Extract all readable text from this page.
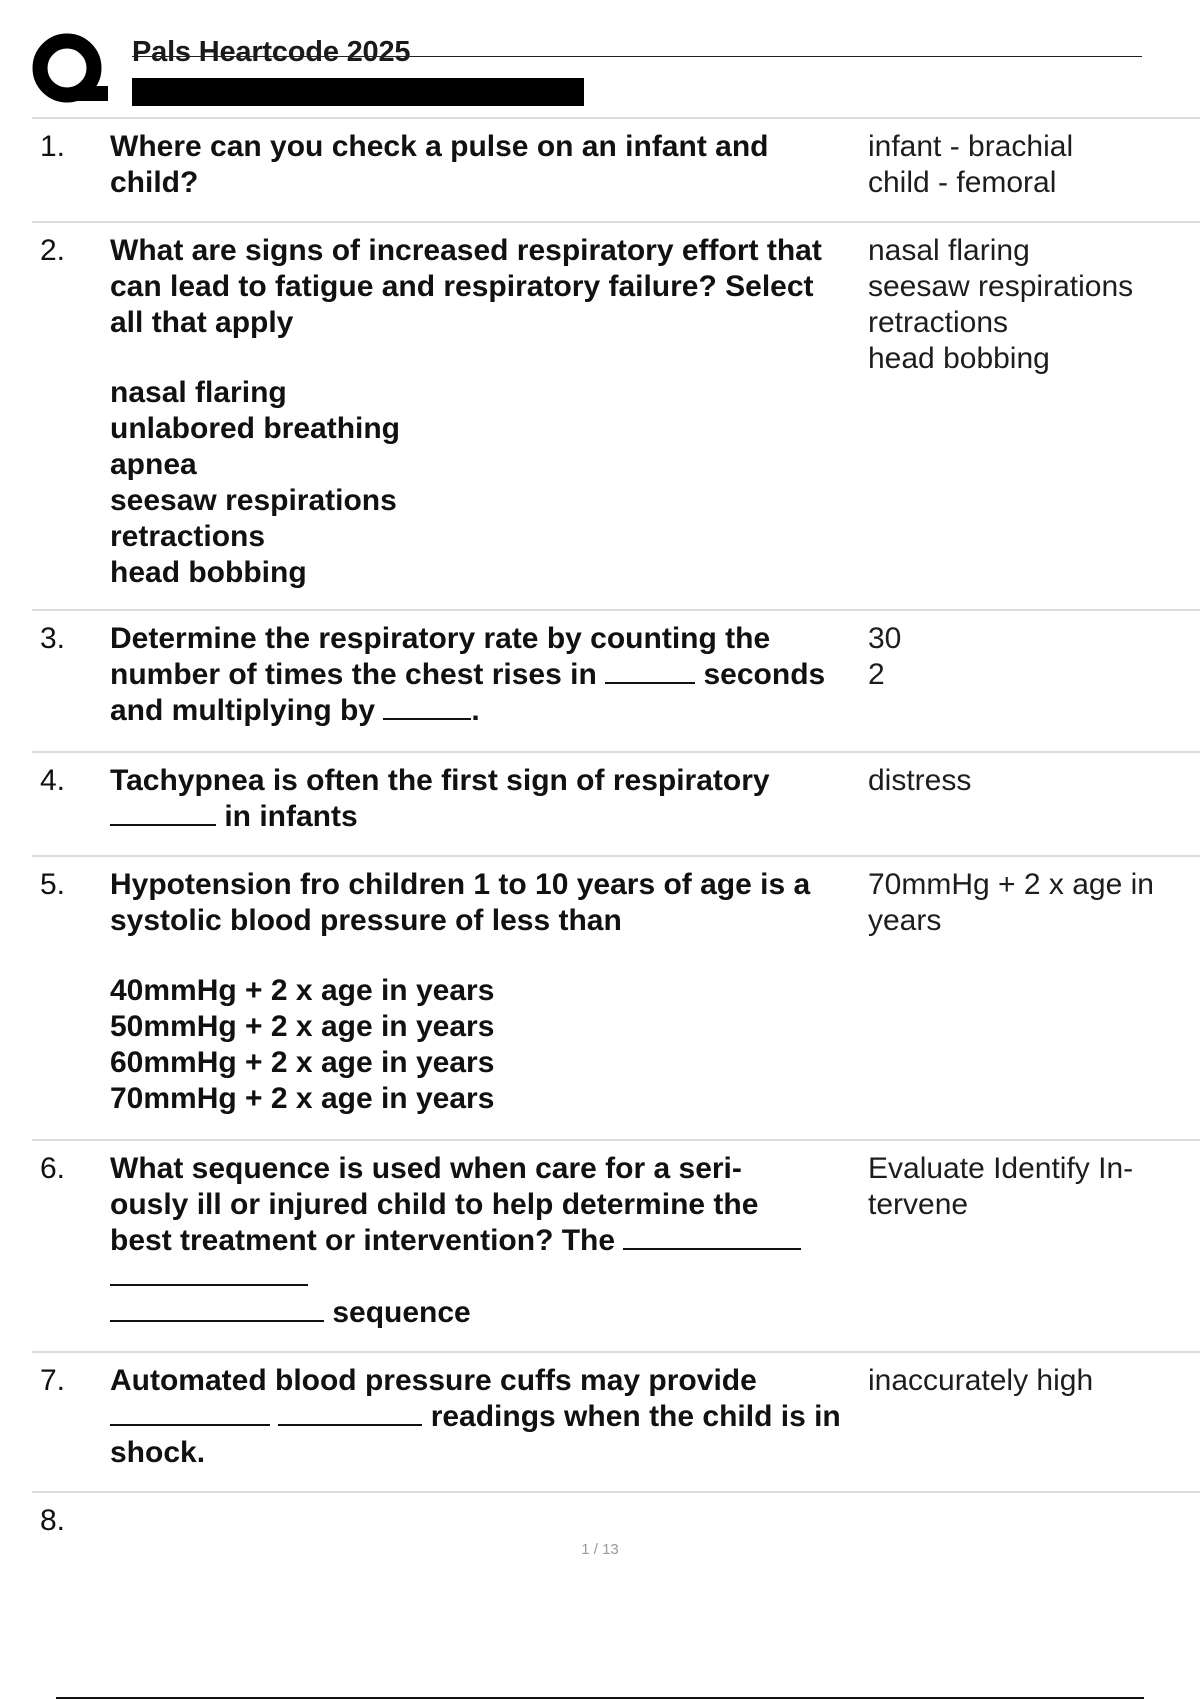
Pals Heartcode 2025
1. Where can you check a pulse on an infant and
child?
infant - brachial
child - femoral
2. What are signs of increased respiratory effort that
can lead to fatigue and respiratory failure? Select
all that apply
nasal flaring
unlabored breathing
apnea
seesaw respirations
retractions
head bobbing
nasal flaring
seesaw respirations
retractions
head bobbing
3. Determine the respiratory rate by counting the
number of times the chest rises in	seconds
and multiplying by	.
30
2
4. Tachypnea is often the first sign of respiratory
in infants
distress
5. Hypotension fro children 1 to 10 years of age is a
systolic blood pressure of less than
40mmHg + 2 x age in years
50mmHg + 2 x age in years
60mmHg + 2 x age in years
70mmHg + 2 x age in years
70mmHg + 2 x age in
years
6. What sequence is used when care for a seri-
ously ill or injured child to help determine the
best treatment or intervention? The
sequence
Evaluate Identify In-
tervene
7. Automated blood pressure cuffs may provide
readings when the child is in
shock.
inaccurately high
8.
1 / 13
